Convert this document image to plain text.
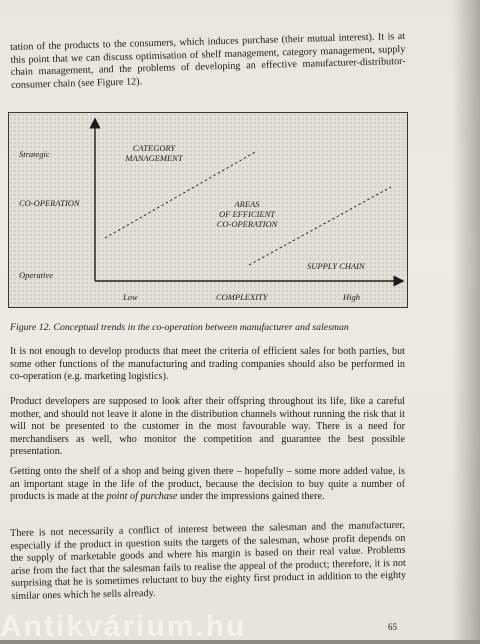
tation of the products to the consumers, which induces purchase (their mutual interest). It is at this point that we can discuss optimisation of shelf management, category management, supply chain management, and the problems of developing an effective manufacturer-distributor-consumer chain (see Figure 12).

Strategic
CO-OPERATION
Operative
CATEGORY
MANAGEMENT
AREAS
OF EFFICIENT
CO-OPERATION
SUPPLY CHAIN
Low	COMPLEXITY	High
Figure 12. Conceptual trends in the co-operation between manufacturer and salesman

It is not enough to develop products that meet the criteria of efficient sales for both parties, but some other functions of the manufacturing and trading companies should also be performed in co-operation (e.g. marketing logistics).

Product developers are supposed to look after their offspring throughout its life, like a careful mother, and should not leave it alone in the distribution channels without running the risk that it will not be presented to the customer in the most favourable way. There is a need for merchandisers as well, who monitor the competition and guarantee the best possible presentation.

Getting onto the shelf of a shop and being given there – hopefully – some more added value, is an important stage in the life of the product, because the decision to buy quite a number of products is made at the point of purchase under the impressions gained there.

There is not necessarily a conflict of interest between the salesman and the manufacturer, especially if the product in question suits the targets of the salesman, whose profit depends on the supply of marketable goods and where his margin is based on their real value. Problems arise from the fact that the salesman fails to realise the appeal of the product; therefore, it is not surprising that he is sometimes reluctant to buy the eighty first product in addition to the eighty similar ones which he sells already.

65
Antikvárium.hu
